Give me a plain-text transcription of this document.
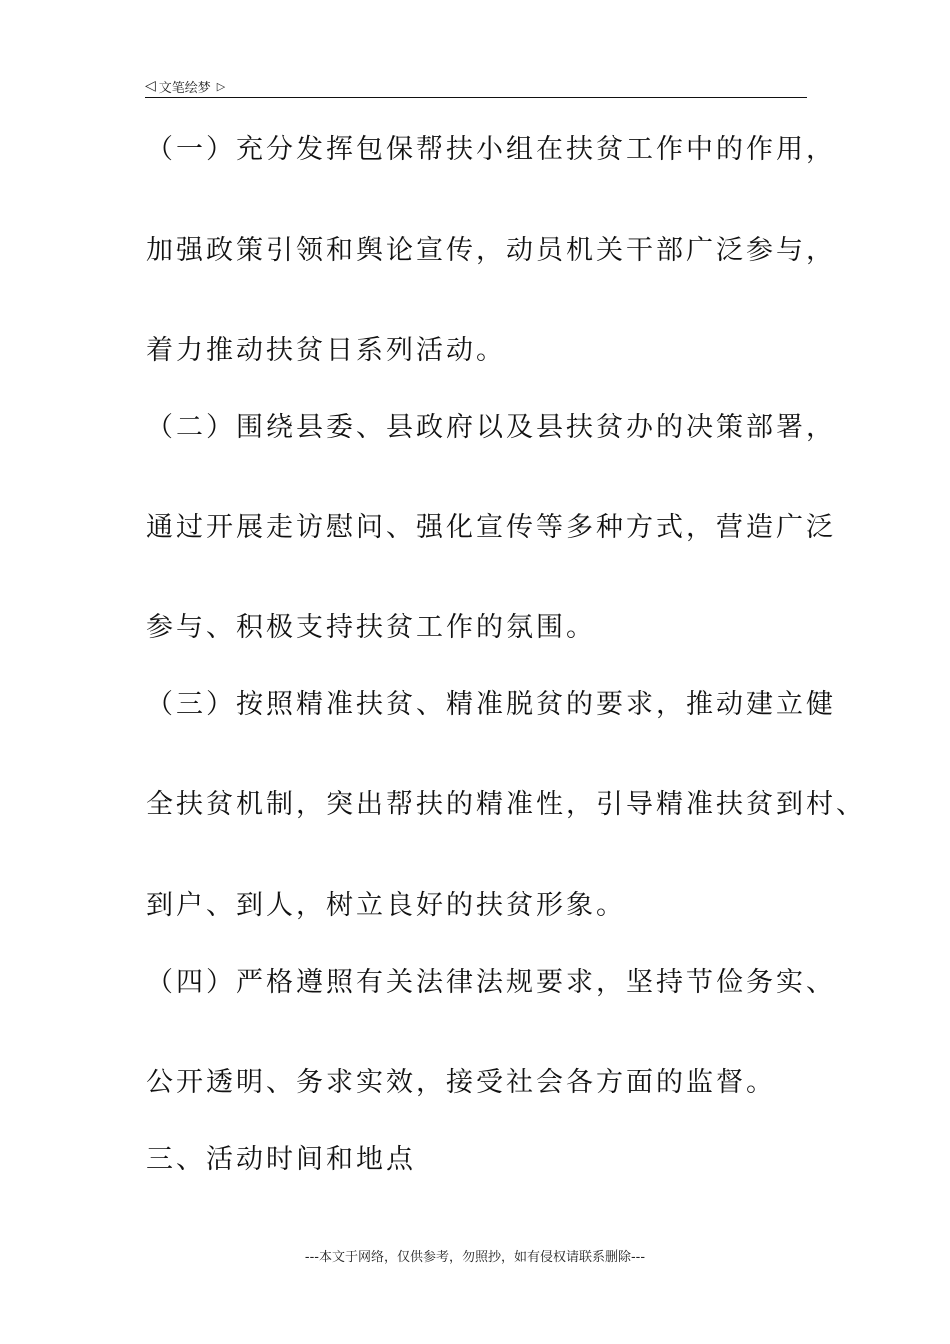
◁ 文笔绘梦 ▷
（一）充分发挥包保帮扶小组在扶贫工作中的作用，
加强政策引领和舆论宣传，动员机关干部广泛参与，
着力推动扶贫日系列活动。
（二）围绕县委、县政府以及县扶贫办的决策部署，
通过开展走访慰问、强化宣传等多种方式，营造广泛
参与、积极支持扶贫工作的氛围。
（三）按照精准扶贫、精准脱贫的要求，推动建立健
全扶贫机制，突出帮扶的精准性，引导精准扶贫到村、
到户、到人，树立良好的扶贫形象。
（四）严格遵照有关法律法规要求，坚持节俭务实、
公开透明、务求实效，接受社会各方面的监督。
三、活动时间和地点
---本文于网络，仅供参考，勿照抄，如有侵权请联系删除---
